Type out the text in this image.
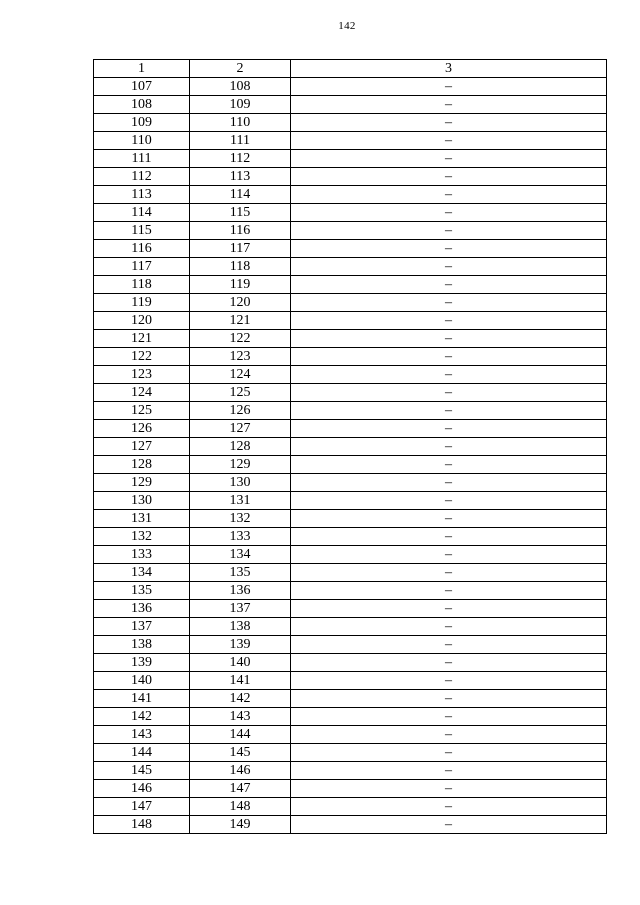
142
1	2	3
107	108	–
108	109	–
109	110	–
110	111	–
111	112	–
112	113	–
113	114	–
114	115	–
115	116	–
116	117	–
117	118	–
118	119	–
119	120	–
120	121	–
121	122	–
122	123	–
123	124	–
124	125	–
125	126	–
126	127	–
127	128	–
128	129	–
129	130	–
130	131	–
131	132	–
132	133	–
133	134	–
134	135	–
135	136	–
136	137	–
137	138	–
138	139	–
139	140	–
140	141	–
141	142	–
142	143	–
143	144	–
144	145	–
145	146	–
146	147	–
147	148	–
148	149	–
